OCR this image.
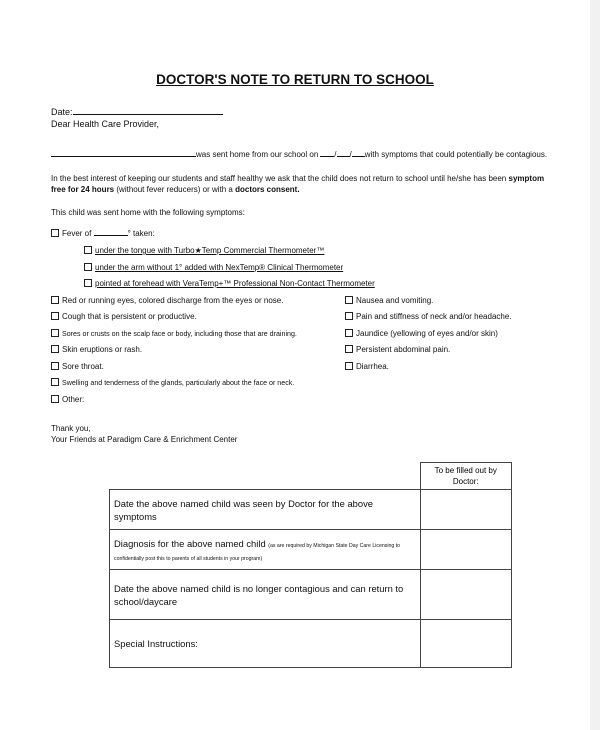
DOCTOR'S NOTE TO RETURN TO SCHOOL
Date:
Dear Health Care Provider,
was sent home from our school on / / with symptoms that could potentially be contagious.
In the best interest of keeping our students and staff healthy we ask that the child does not return to school until he/she has been symptom
free for 24 hours (without fever reducers) or with a doctors consent.
This child was sent home with the following symptoms:
Fever of	° taken:
under the tongue with Turbo★Temp Commercial Thermometer™
under the arm without 1° added with NexTemp® Clinical Thermometer
pointed at forehead with VeraTemp+™ Professional Non-Contact Thermometer
Red or running eyes, colored discharge from the eyes or nose.
Cough that is persistent or productive.
Sores or crusts on the scalp face or body, including those that are draining.
Skin eruptions or rash.
Sore throat.
Swelling and tenderness of the glands, particularly about the face or neck.
Other:
Nausea and vomiting.
Pain and stiffness of neck and/or headache.
Jaundice (yellowing of eyes and/or skin)
Persistent abdominal pain.
Diarrhea.
Thank you,
Your Friends at Paradigm Care & Enrichment Center
	To be filled out by Doctor:
Date the above named child was seen by Doctor for the above symptoms	
Diagnosis for the above named child (as are required by Michigan State Day Care Licensing to confidentially post this to parents of all students in your program)	
Date the above named child is no longer contagious and can return to school/daycare	
Special Instructions:	
